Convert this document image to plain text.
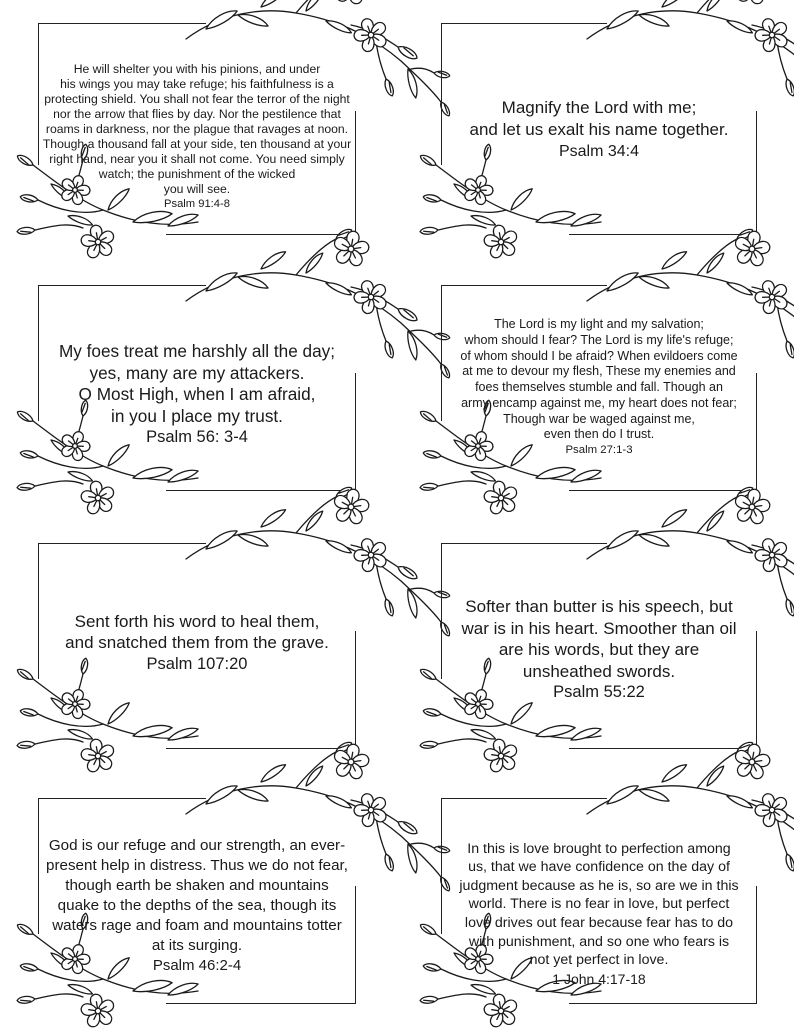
He will shelter you with his pinions, and under
his wings you may take refuge; his faithfulness is a
protecting shield. You shall not fear the terror of the night
nor the arrow that flies by day. Nor the pestilence that
roams in darkness, nor the plague that ravages at noon.
Though a thousand fall at your side, ten thousand at your
right hand, near you it shall not come. You need simply
watch; the punishment of the wicked
you will see.
Psalm 91:4-8
Magnify the Lord with me;
and let us exalt his name together.
Psalm 34:4
My foes treat me harshly all the day;
yes, many are my attackers.
O Most High, when I am afraid,
in you I place my trust.
Psalm 56: 3-4
The Lord is my light and my salvation;
whom should I fear? The Lord is my life's refuge;
of whom should I be afraid? When evildoers come
at me to devour my flesh, These my enemies and
foes themselves stumble and fall. Though an
army encamp against me, my heart does not fear;
Though war be waged against me,
even then do I trust.
Psalm 27:1-3
Sent forth his word to heal them,
and snatched them from the grave.
Psalm 107:20
Softer than butter is his speech, but
war is in his heart. Smoother than oil
are his words, but they are
unsheathed swords.
Psalm 55:22
God is our refuge and our strength, an ever-
present help in distress. Thus we do not fear,
though earth be shaken and mountains
quake to the depths of the sea, though its
waters rage and foam and mountains totter
at its surging.
Psalm 46:2-4
In this is love brought to perfection among
us, that we have confidence on the day of
judgment because as he is, so are we in this
world. There is no fear in love, but perfect
love drives out fear because fear has to do
with punishment, and so one who fears is
not yet perfect in love.
1 John 4:17-18
